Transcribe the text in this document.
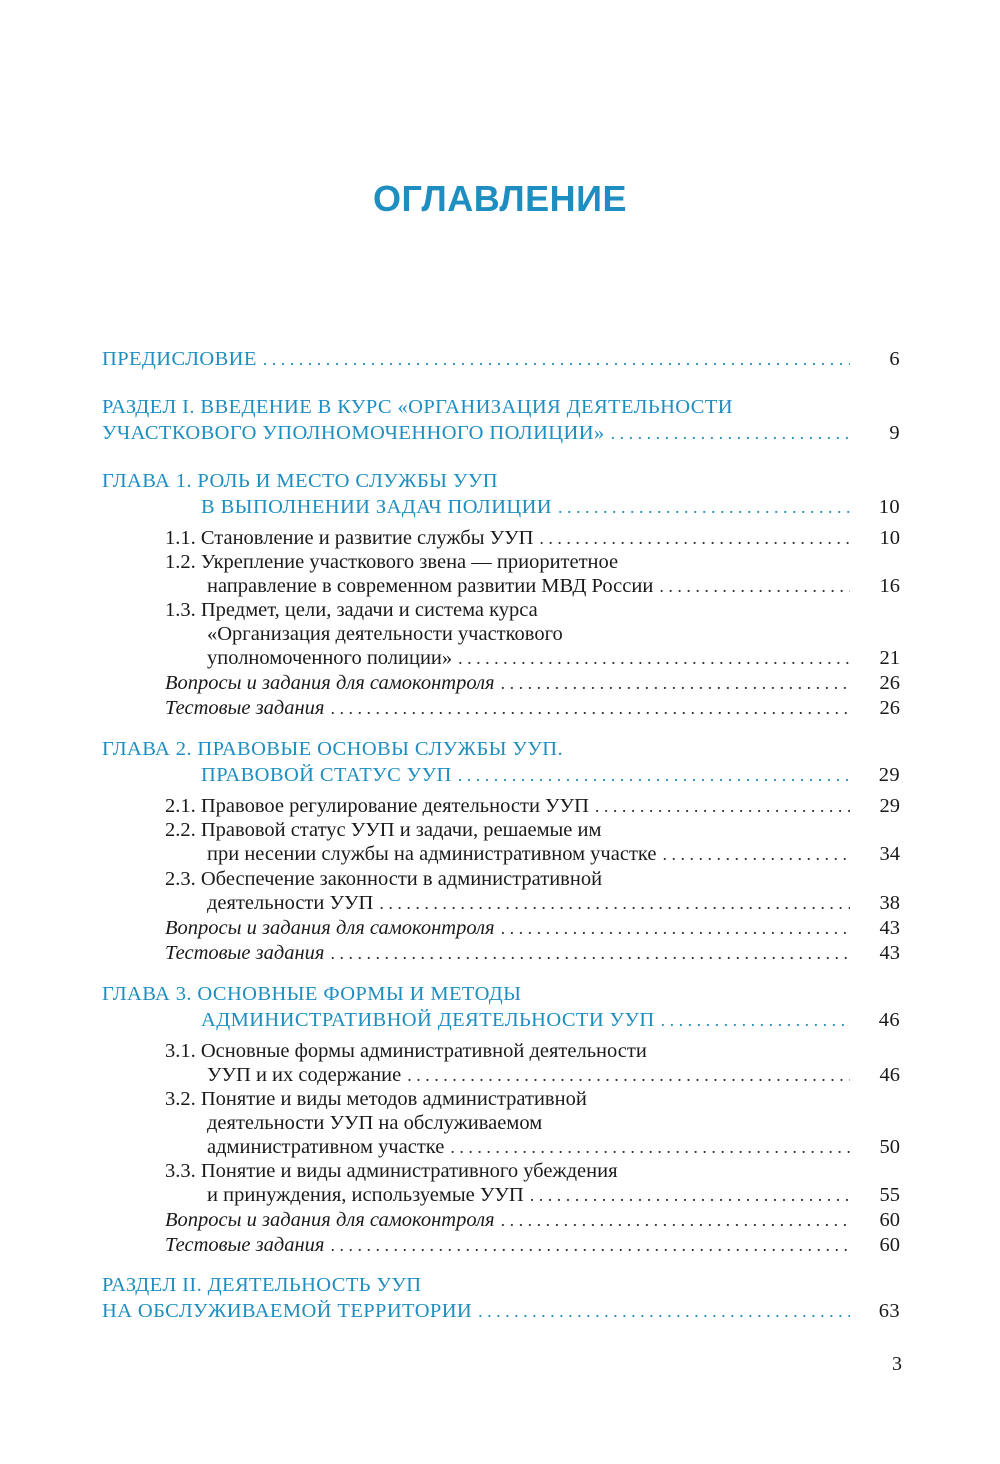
ОГЛАВЛЕНИЕ
ПРЕДИСЛОВИЕ . . .	6
РАЗДЕЛ I. ВВЕДЕНИЕ В КУРС «ОРГАНИЗАЦИЯ ДЕЯТЕЛЬНОСТИ
УЧАСТКОВОГО УПОЛНОМОЧЕННОГО ПОЛИЦИИ» . . .	9
ГЛАВА 1. РОЛЬ И МЕСТО СЛУЖБЫ УУП
В ВЫПОЛНЕНИИ ЗАДАЧ ПОЛИЦИИ . . .	10
1.1. Становление и развитие службы УУП . . .	10
1.2. Укрепление участкового звена — приоритетное
направление в современном развитии МВД России . . .	16
1.3. Предмет, цели, задачи и система курса
«Организация деятельности участкового
уполномоченного полиции» . . .	21
Вопросы и задания для самоконтроля . . .	26
Тестовые задания . . .	26
ГЛАВА 2. ПРАВОВЫЕ ОСНОВЫ СЛУЖБЫ УУП.
ПРАВОВОЙ СТАТУС УУП . . .	29
2.1. Правовое регулирование деятельности УУП . . .	29
2.2. Правовой статус УУП и задачи, решаемые им
при несении службы на административном участке . . .	34
2.3. Обеспечение законности в административной
деятельности УУП . . .	38
Вопросы и задания для самоконтроля . . .	43
Тестовые задания . . .	43
ГЛАВА 3. ОСНОВНЫЕ ФОРМЫ И МЕТОДЫ
АДМИНИСТРАТИВНОЙ ДЕЯТЕЛЬНОСТИ УУП . . .	46
3.1. Основные формы административной деятельности
УУП и их содержание . . .	46
3.2. Понятие и виды методов административной
деятельности УУП на обслуживаемом
административном участке . . .	50
3.3. Понятие и виды административного убеждения
и принуждения, используемые УУП . . .	55
Вопросы и задания для самоконтроля . . .	60
Тестовые задания . . .	60
РАЗДЕЛ II. ДЕЯТЕЛЬНОСТЬ УУП
НА ОБСЛУЖИВАЕМОЙ ТЕРРИТОРИИ . . .	63
3
